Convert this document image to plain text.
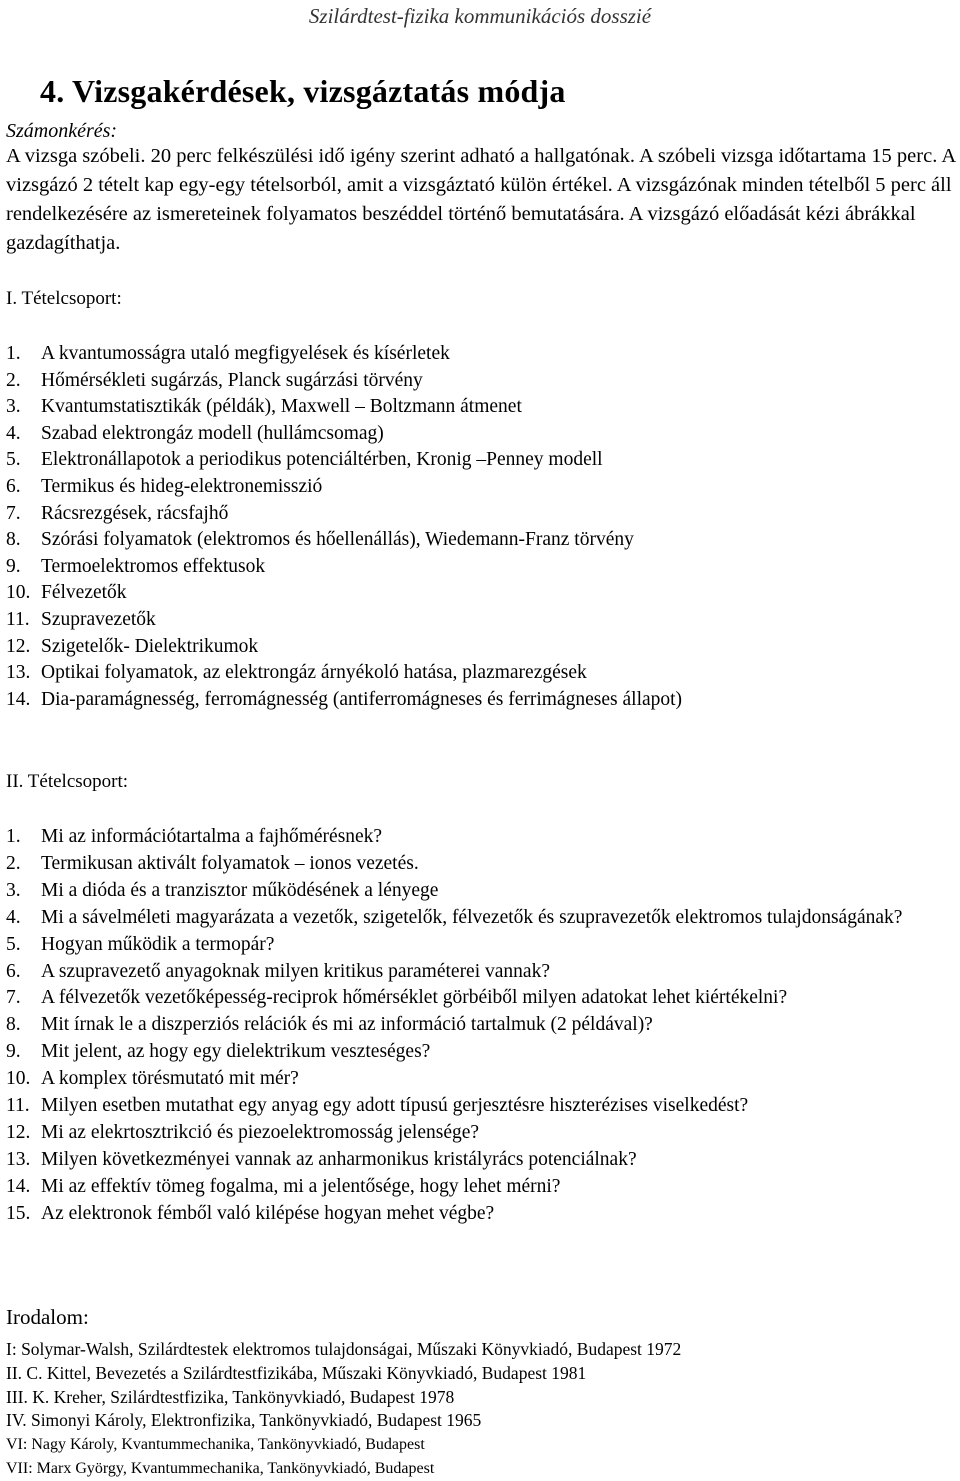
Szilárdtest-fizika kommunikációs dosszié
4. Vizsgakérdések, vizsgáztatás módja
Számonkérés:
A vizsga szóbeli. 20 perc felkészülési idő igény szerint adható a hallgatónak. A szóbeli vizsga időtartama 15 perc. A vizsgázó 2 tételt kap egy-egy tételsorból, amit a vizsgáztató külön értékel. A vizsgázónak minden tételből 5 perc áll rendelkezésére az ismereteinek folyamatos beszéddel történő bemutatására. A vizsgázó előadását kézi ábrákkal gazdagíthatja.
I. Tételcsoport:
1.	A kvantumosságra utaló megfigyelések és kísérletek
2.	Hőmérsékleti sugárzás, Planck sugárzási törvény
3.	Kvantumstatisztikák (példák), Maxwell – Boltzmann átmenet
4.	Szabad elektrongáz modell (hullámcsomag)
5.	Elektronállapotok a periodikus potenciáltérben, Kronig –Penney modell
6.	Termikus és hideg-elektronemisszió
7.	Rácsrezgések, rácsfajhő
8.	Szórási folyamatok (elektromos és hőellenállás), Wiedemann-Franz törvény
9.	Termoelektromos effektusok
10. Félvezetők
11. Szupravezetők
12. Szigetelők- Dielektrikumok
13. Optikai folyamatok, az elektrongáz árnyékoló hatása, plazmarezgések
14. Dia-paramágnesség, ferromágnesség (antiferromágneses és ferrimágneses állapot)
II. Tételcsoport:
1.	Mi az információtartalma a fajhőmérésnek?
2.	Termikusan aktivált folyamatok – ionos vezetés.
3.	Mi a dióda és a tranzisztor működésének a lényege
4.	Mi a sávelméleti magyarázata a vezetők, szigetelők, félvezetők és szupravezetők elektromos tulajdonságának?
5.	Hogyan működik a termopár?
6.	A szupravezető anyagoknak milyen kritikus paraméterei vannak?
7.	A félvezetők vezetőképesség-reciprok hőmérséklet görbéiből milyen adatokat lehet kiértékelni?
8.	Mit írnak le a diszperziós relációk és mi az információ tartalmuk (2 példával)?
9.	Mit jelent, az hogy egy dielektrikum veszteséges?
10. A komplex törésmutató mit mér?
11. Milyen esetben mutathat egy anyag egy adott típusú gerjesztésre hiszterézises viselkedést?
12. Mi az elekrtosztrikció és piezoelektromosság jelensége?
13. Milyen következményei vannak az anharmonikus kristályrács potenciálnak?
14. Mi az effektív tömeg fogalma, mi a jelentősége, hogy lehet mérni?
15. Az elektronok fémből való kilépése hogyan mehet végbe?
Irodalom:
I: Solymar-Walsh, Szilárdtestek elektromos tulajdonságai, Műszaki Könyvkiadó, Budapest 1972
II. C. Kittel, Bevezetés a Szilárdtestfizikába, Műszaki Könyvkiadó, Budapest 1981
III. K. Kreher, Szilárdtestfizika, Tankönyvkiadó, Budapest 1978
IV. Simonyi Károly, Elektronfizika, Tankönyvkiadó, Budapest 1965
VI: Nagy Károly, Kvantummechanika, Tankönyvkiadó, Budapest
VII: Marx György, Kvantummechanika, Tankönyvkiadó, Budapest
